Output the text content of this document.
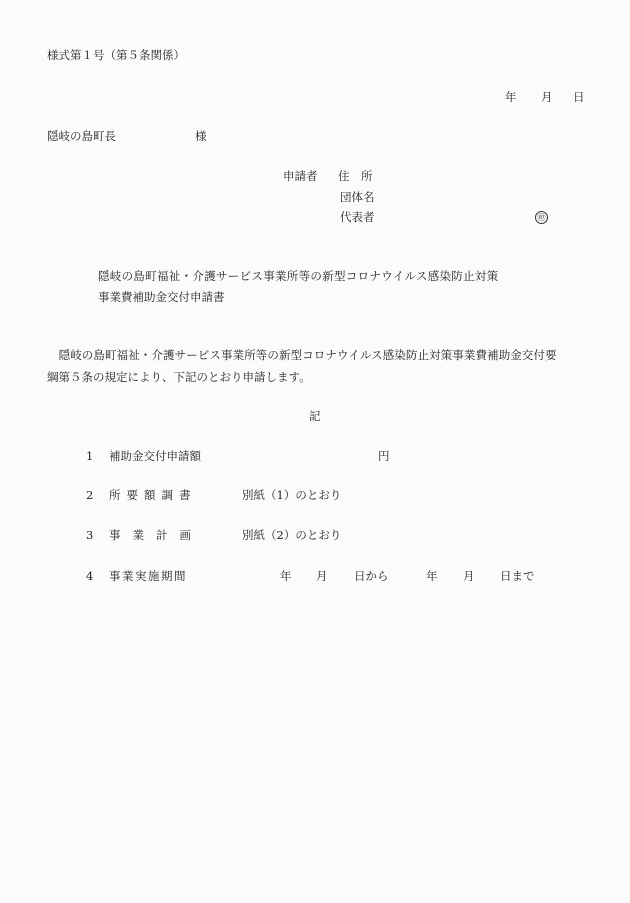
様式第１号（第５条関係）
年 月 日
隠岐の島町長	様
申請者 住　所
団体名
代表者	㊞
隠岐の島町福祉・介護サービス事業所等の新型コロナウイルス感染防止対策
事業費補助金交付申請書
　隠岐の島町福祉・介護サービス事業所等の新型コロナウイルス感染防止対策事業費補助金交付要
綱第５条の規定により、下記のとおり申請します。
記
1 補助金交付申請額	円
2 所要額調書	別紙（1）のとおり
3 事業計画	別紙（2）のとおり
4 事業実施期間	年 月 日から	年 月 日まで
